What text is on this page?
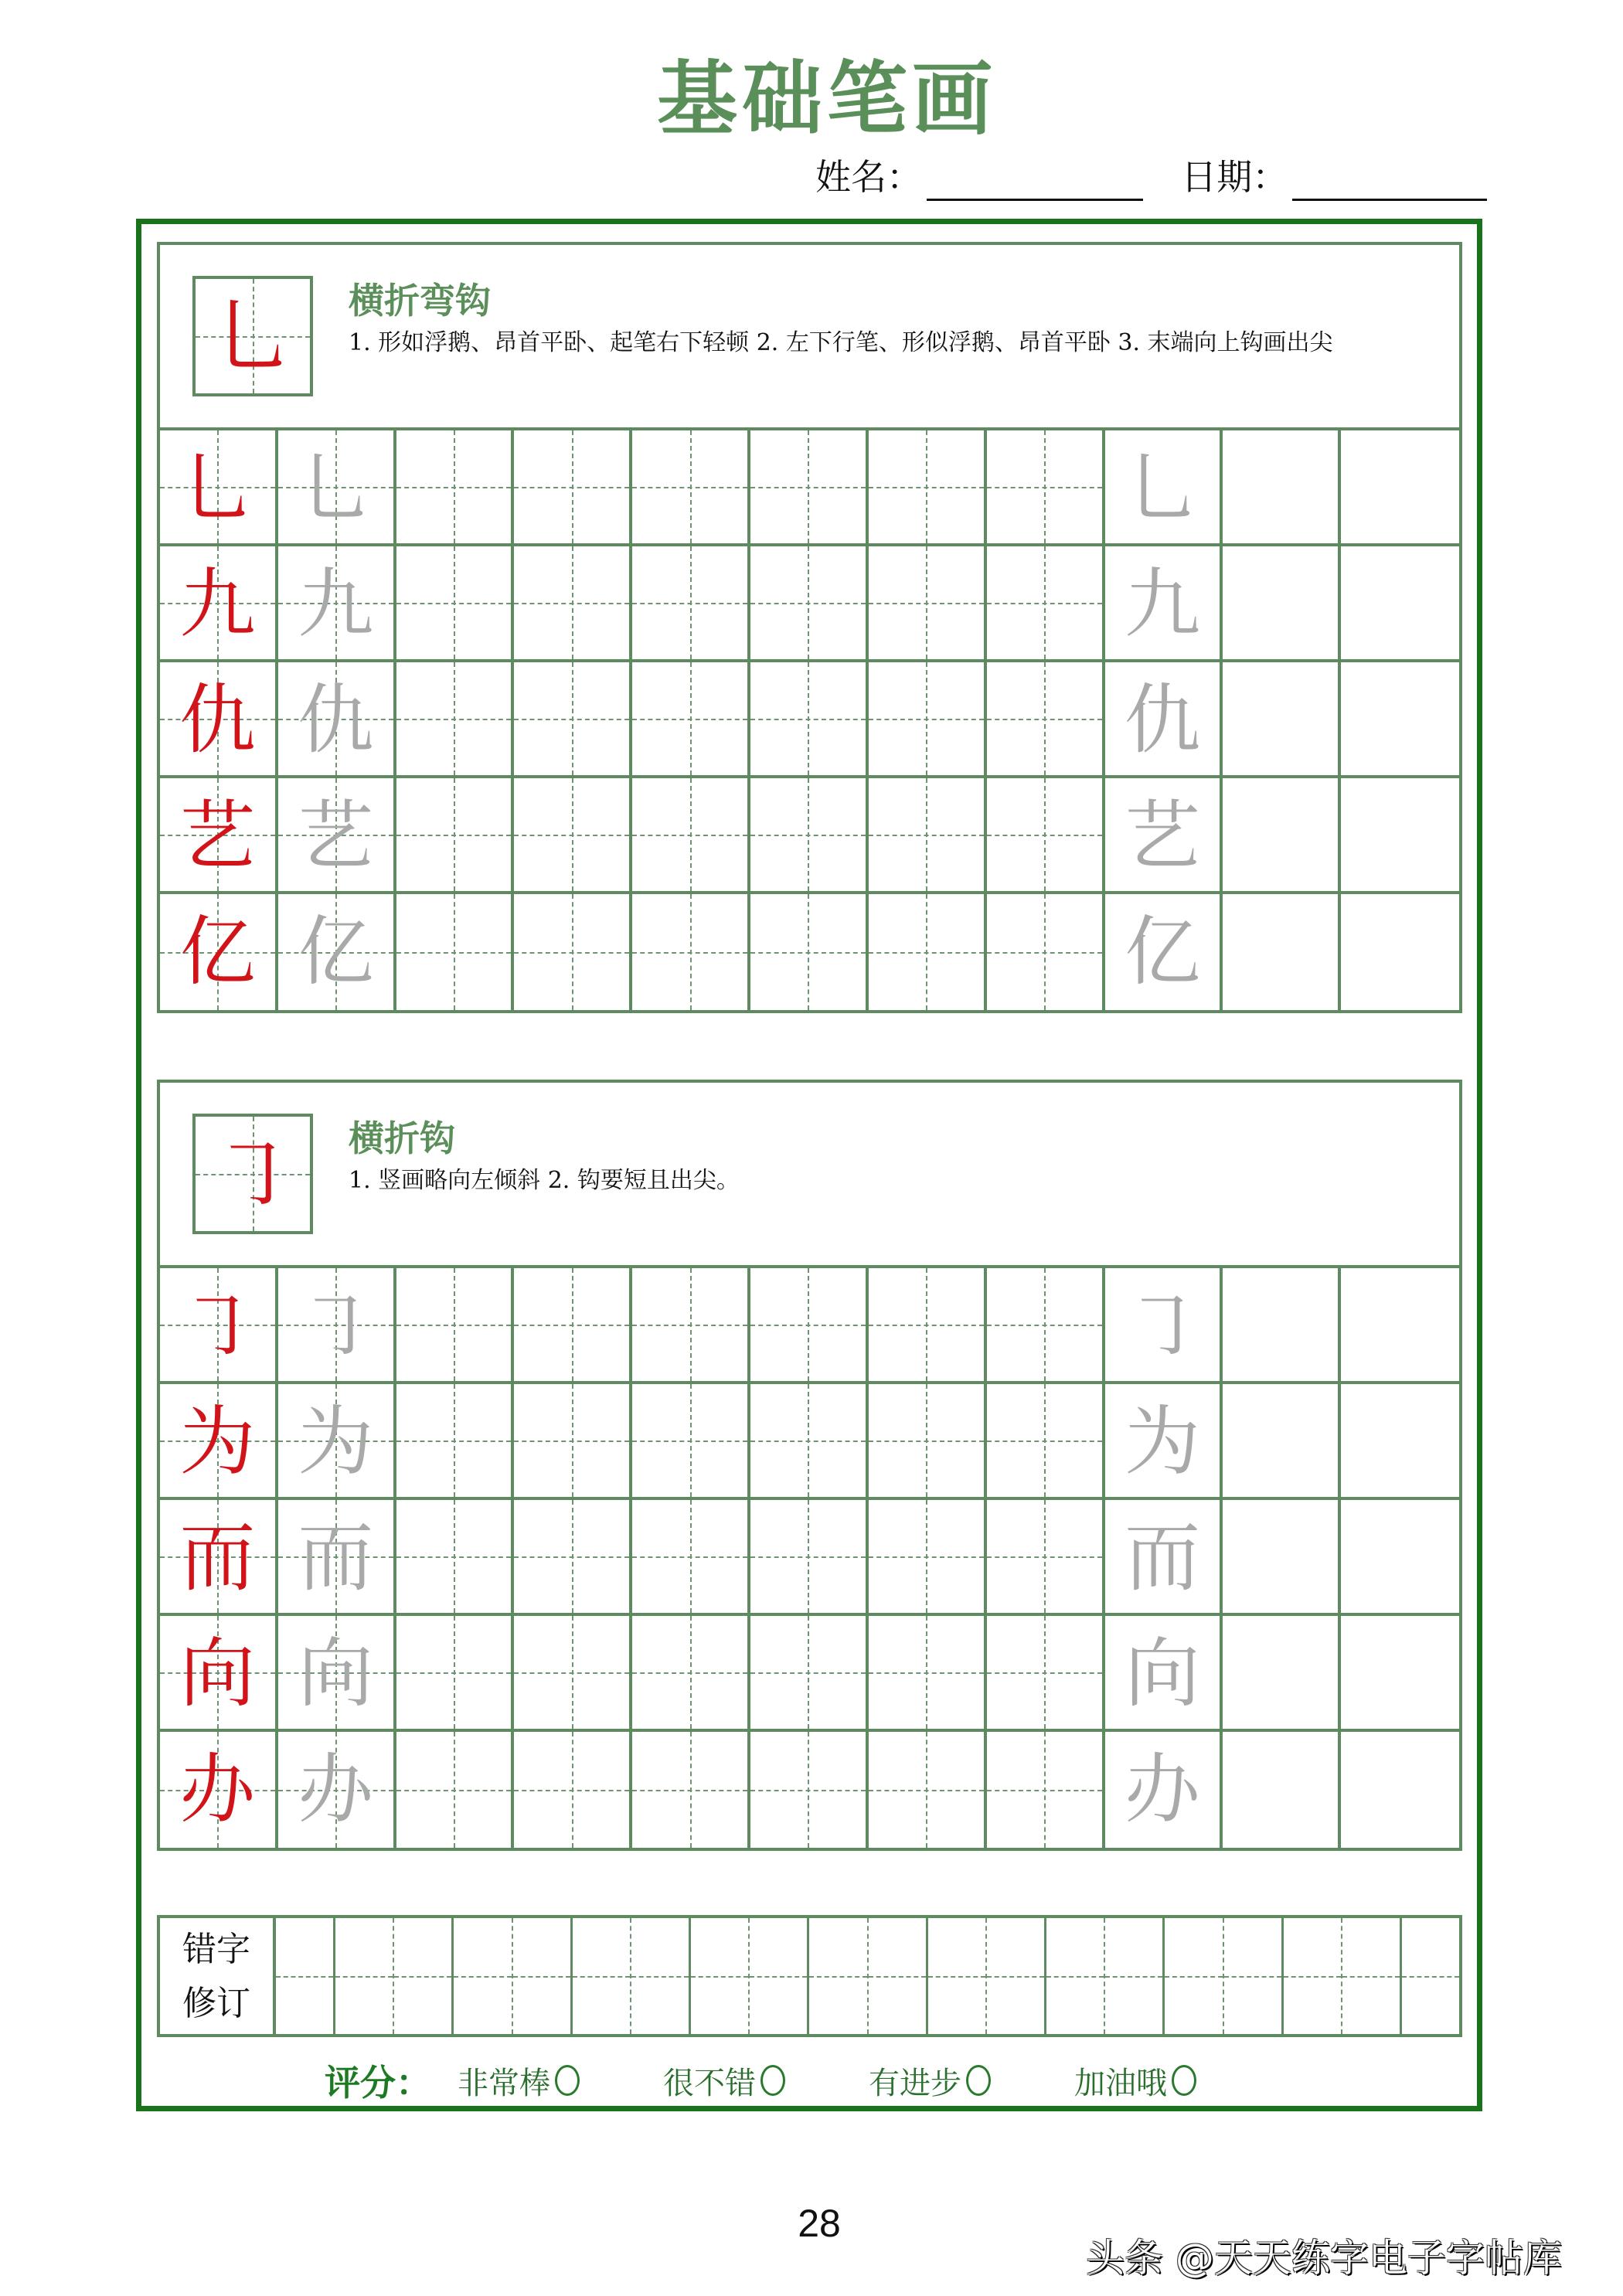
基础笔画
姓名：	日期：
乚	横折弯钩
1. 形如浮鹅、昂首平卧、起笔右下轻顿 2. 左下行笔、形似浮鹅、昂首平卧 3. 末端向上钩画出尖
乚 乚	乚
九 九	九
仇 仇	仇
艺 艺	艺
亿 亿	亿
㇆	横折钩
1. 竖画略向左倾斜 2. 钩要短且出尖。
㇆ ㇆	㇆
为 为	为
而 而	而
向 向	向
办 办	办
错字
修订
评分： 非常棒	很不错	有进步	加油哦
28
头条 @天天练字电子字帖库
